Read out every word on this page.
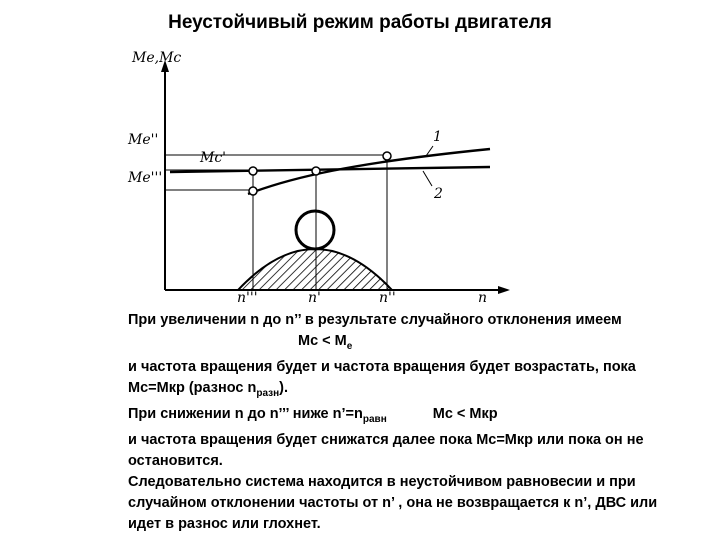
Неустойчивый режим работы двигателя
Mе,Mс
Mе''
Mс'
Mе'''
1
2
n'''	n'	n''	n
При увеличении n до n’’ в результате случайного отклонения имеем
Mс < $M_e$
и частота вращения будет и частота вращения будет возрастать, пока
Mс=Mкр (разнос $n_{разн}$).
При снижении n до n’’’ ниже $n’=n_{равн}$	Mс < Mкр
и частота вращения будет снижатся далее пока Mс=Mкр или пока он не
остановится.
Следовательно система находится в неустойчивом равновесии и при
случайном отклонении частоты от n’ , она не возвращается к n’, ДВС или
идет в разнос или глохнет.
